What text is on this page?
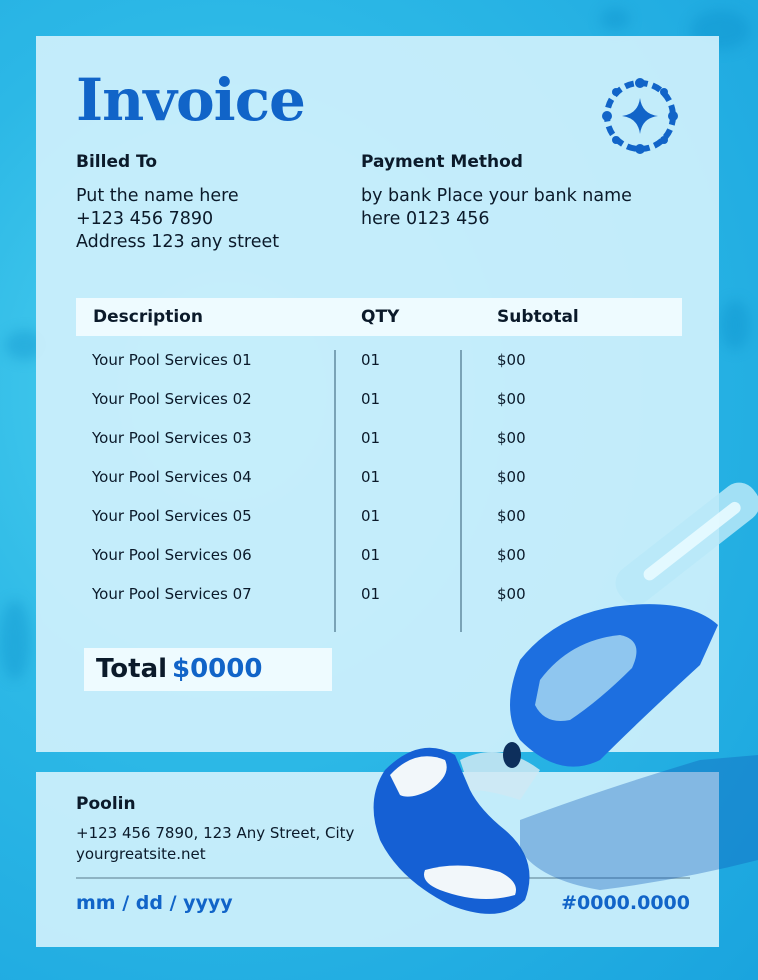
Invoice
Billed To
Put the name here
+123 456 7890
Address 123 any street
Payment Method
by bank Place your bank name
here 0123 456
Description	QTY	Subtotal
Your Pool Services 01	01	$00
Your Pool Services 02	01	$00
Your Pool Services 03	01	$00
Your Pool Services 04	01	$00
Your Pool Services 05	01	$00
Your Pool Services 06	01	$00
Your Pool Services 07	01	$00
Total $0000
Poolin
+123 456 7890, 123 Any Street, City
yourgreatsite.net
mm / dd / yyyy	#0000.0000
